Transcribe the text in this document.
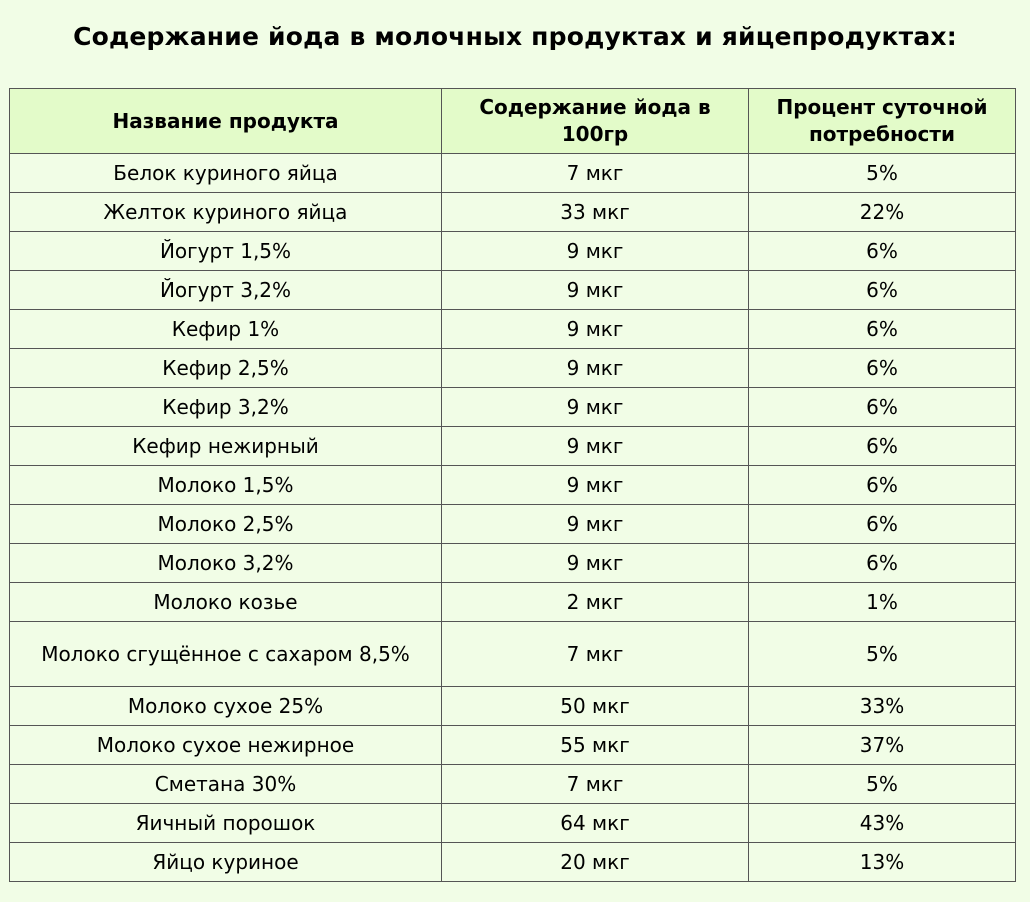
Содержание йода в молочных продуктах и яйцепродуктах:
Название продукта	Содержание йода в 100гр	Процент суточной потребности
Белок куриного яйца	7 мкг	5%
Желток куриного яйца	33 мкг	22%
Йогурт 1,5%	9 мкг	6%
Йогурт 3,2%	9 мкг	6%
Кефир 1%	9 мкг	6%
Кефир 2,5%	9 мкг	6%
Кефир 3,2%	9 мкг	6%
Кефир нежирный	9 мкг	6%
Молоко 1,5%	9 мкг	6%
Молоко 2,5%	9 мкг	6%
Молоко 3,2%	9 мкг	6%
Молоко козье	2 мкг	1%
Молоко сгущённое с сахаром 8,5%	7 мкг	5%
Молоко сухое 25%	50 мкг	33%
Молоко сухое нежирное	55 мкг	37%
Сметана 30%	7 мкг	5%
Яичный порошок	64 мкг	43%
Яйцо куриное	20 мкг	13%
